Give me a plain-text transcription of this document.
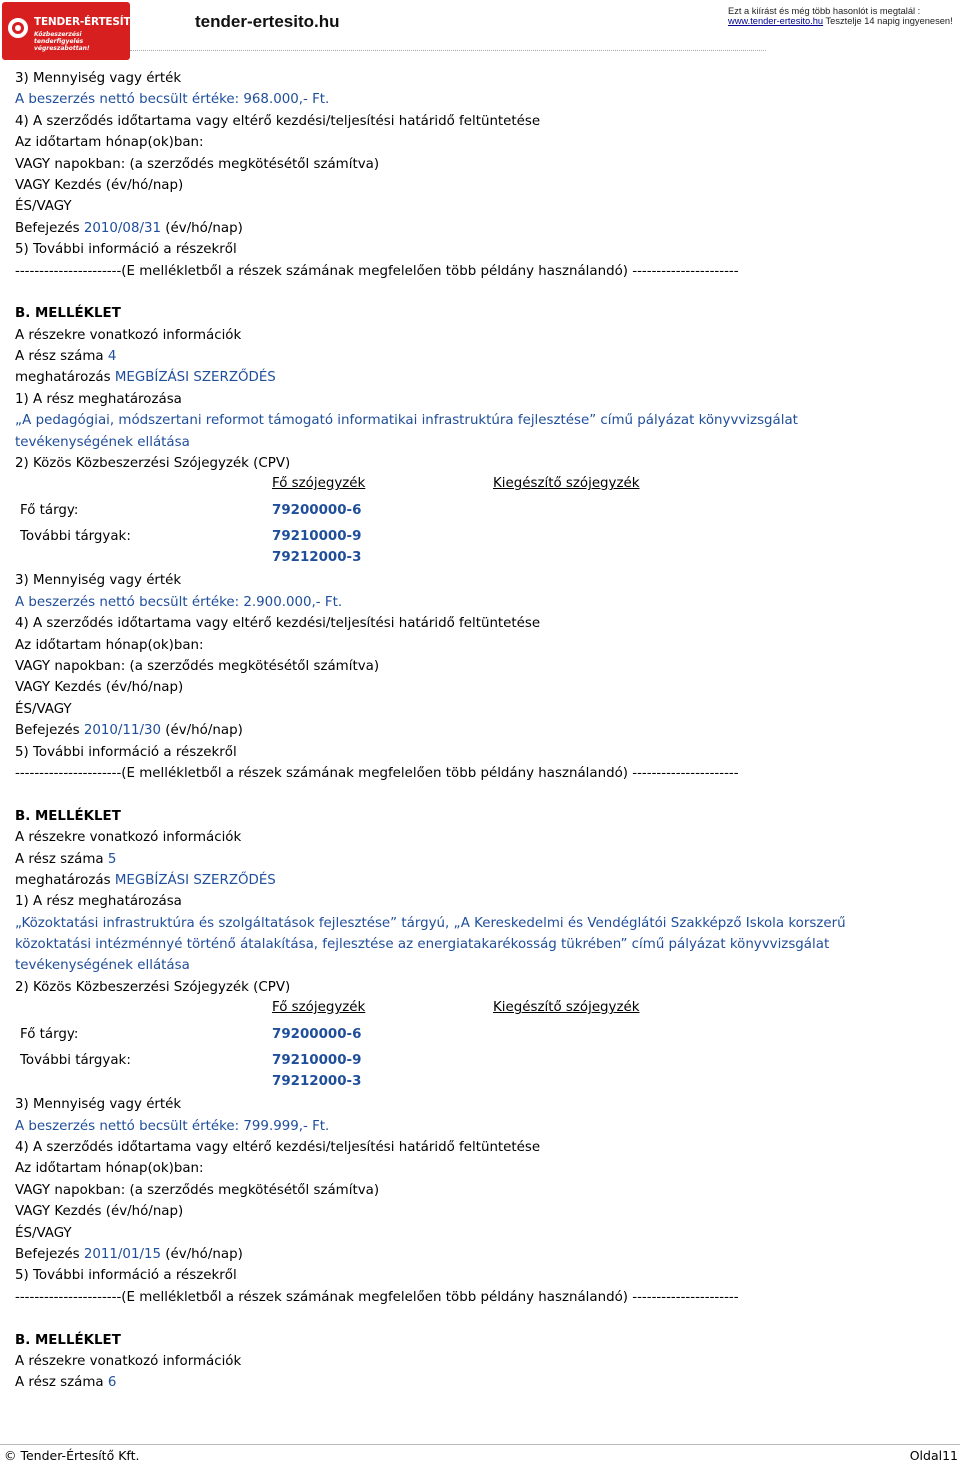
TENDER-ÉRTESÍTŐ.hu
Közbeszerzési tenderfigyelés végreszabottan!
tender-ertesito.hu
Ezt a kiírást és még több hasonlót is megtalál :
www.tender-ertesito.hu Tesztelje 14 napig ingyenesen!
3) Mennyiség vagy érték
A beszerzés nettó becsült értéke: 968.000,- Ft.
4) A szerződés időtartama vagy eltérő kezdési/teljesítési határidő feltüntetése
Az időtartam hónap(ok)ban:
VAGY napokban: (a szerződés megkötésétől számítva)
VAGY Kezdés (év/hó/nap)
ÉS/VAGY
Befejezés 2010/08/31 (év/hó/nap)
5) További információ a részekről
----------------------(E mellékletből a részek számának megfelelően több példány használandó) ----------------------
B. MELLÉKLET
A részekre vonatkozó információk
A rész száma 4
meghatározás MEGBÍZÁSI SZERZŐDÉS
1) A rész meghatározása
„A pedagógiai, módszertani reformot támogató informatikai infrastruktúra fejlesztése” című pályázat könyvvizsgálat
tevékenységének ellátása
2) Közös Közbeszerzési Szójegyzék (CPV)
Fő szójegyzék	Kiegészítő szójegyzék
Fő tárgy:	79200000-6
További tárgyak:	79210000-9
79212000-3
3) Mennyiség vagy érték
A beszerzés nettó becsült értéke: 2.900.000,- Ft.
4) A szerződés időtartama vagy eltérő kezdési/teljesítési határidő feltüntetése
Az időtartam hónap(ok)ban:
VAGY napokban: (a szerződés megkötésétől számítva)
VAGY Kezdés (év/hó/nap)
ÉS/VAGY
Befejezés 2010/11/30 (év/hó/nap)
5) További információ a részekről
----------------------(E mellékletből a részek számának megfelelően több példány használandó) ----------------------
B. MELLÉKLET
A részekre vonatkozó információk
A rész száma 5
meghatározás MEGBÍZÁSI SZERZŐDÉS
1) A rész meghatározása
„Közoktatási infrastruktúra és szolgáltatások fejlesztése” tárgyú, „A Kereskedelmi és Vendéglátói Szakképző Iskola korszerű
közoktatási intézménnyé történő átalakítása, fejlesztése az energiatakarékosság tükrében” című pályázat könyvvizsgálat
tevékenységének ellátása
2) Közös Közbeszerzési Szójegyzék (CPV)
Fő szójegyzék	Kiegészítő szójegyzék
Fő tárgy:	79200000-6
További tárgyak:	79210000-9
79212000-3
3) Mennyiség vagy érték
A beszerzés nettó becsült értéke: 799.999,- Ft.
4) A szerződés időtartama vagy eltérő kezdési/teljesítési határidő feltüntetése
Az időtartam hónap(ok)ban:
VAGY napokban: (a szerződés megkötésétől számítva)
VAGY Kezdés (év/hó/nap)
ÉS/VAGY
Befejezés 2011/01/15 (év/hó/nap)
5) További információ a részekről
----------------------(E mellékletből a részek számának megfelelően több példány használandó) ----------------------
B. MELLÉKLET
A részekre vonatkozó információk
A rész száma 6
© Tender-Értesítő Kft.	Oldal11
